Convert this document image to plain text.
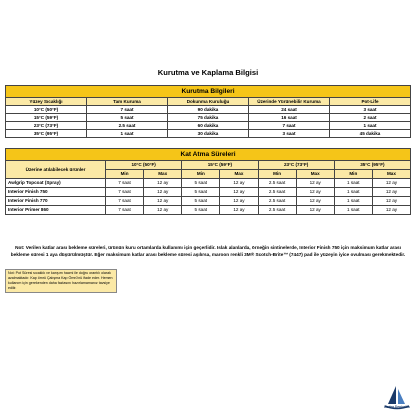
Kurutma ve Kaplama Bilgisi
Kurutma Bilgileri				
Yüzey Sıcaklığı	Tam Kuruma	Dokunma Kuruluğu	Üzerinde Yürünebilir Kuruma	Pot-Life
10°C (50°F)	7 saat	90 dakika	24 saat	3 saat
15°C (59°F)	5 saat	75 dakika	16 saat	2 saat
23°C (73°F)	2.5 saat	60 dakika	7 saat	1 saat
35°C (95°F)	1 saat	30 dakika	3 saat	45 dakika
Kat Atma Süreleri								
Üzerine atılabilecek ürünler	10°C (50°F)		15°C (59°F)		23°C (73°F)		35°C (95°F)	
	Min	Max	Min	Max	Min	Max	Min	Max
Awlgrip Topcoat (Spray)	7 saat	12 ay	5 saat	12 ay	2.5 saat	12 ay	1 saat	12 ay
Interior Finish 750	7 saat	12 ay	5 saat	12 ay	2.5 saat	12 ay	1 saat	12 ay
Interior Finish 770	7 saat	12 ay	5 saat	12 ay	2.5 saat	12 ay	1 saat	12 ay
Interior Primer 860	7 saat	12 ay	5 saat	12 ay	2.5 saat	12 ay	1 saat	12 ay
Not: Verilen katlar arası bekleme süreleri, ürünün kuru ortamlarda kullanımı için geçerlidir. Islak alanlarda, örneğin sintinelerde, Interior Finish 750 için maksimum katlar arası bekleme süresi 1 aya düşürülmüştür. Eğer maksimum katlar arası bekleme süresi aşılırsa, maroon renkli 3M® Scotch-Brite™ (7447) pad ile yüzeyin iyice ovulması gerekmektedir.
Not: Pot Süresi sıcaklık ve karışım hacmi ile doğru orantılı olarak azalmaktadır. Kap ömrü Çalışma Kap Ömrü'nü ifade eder. Hemen kullanım için gerekenden daha fazlasını hazırlamamanız tavsiye edilir.
Buden Denizcilik
